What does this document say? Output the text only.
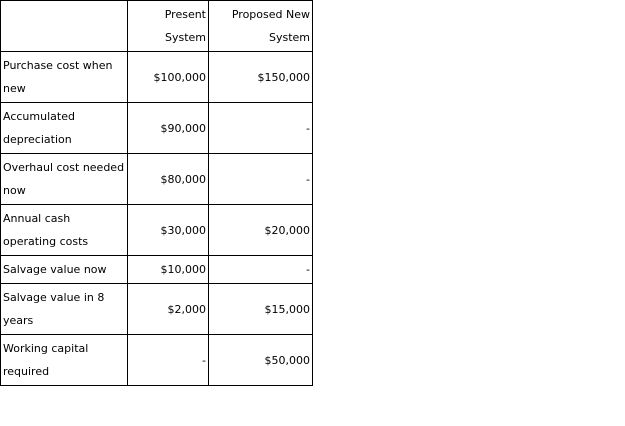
	Present System	Proposed New System
Purchase cost when new	$100,000	$150,000
Accumulated depreciation	$90,000	-
Overhaul cost needed now	$80,000	-
Annual cash operating costs	$30,000	$20,000
Salvage value now	$10,000	-
Salvage value in 8 years	$2,000	$15,000
Working capital required	-	$50,000
